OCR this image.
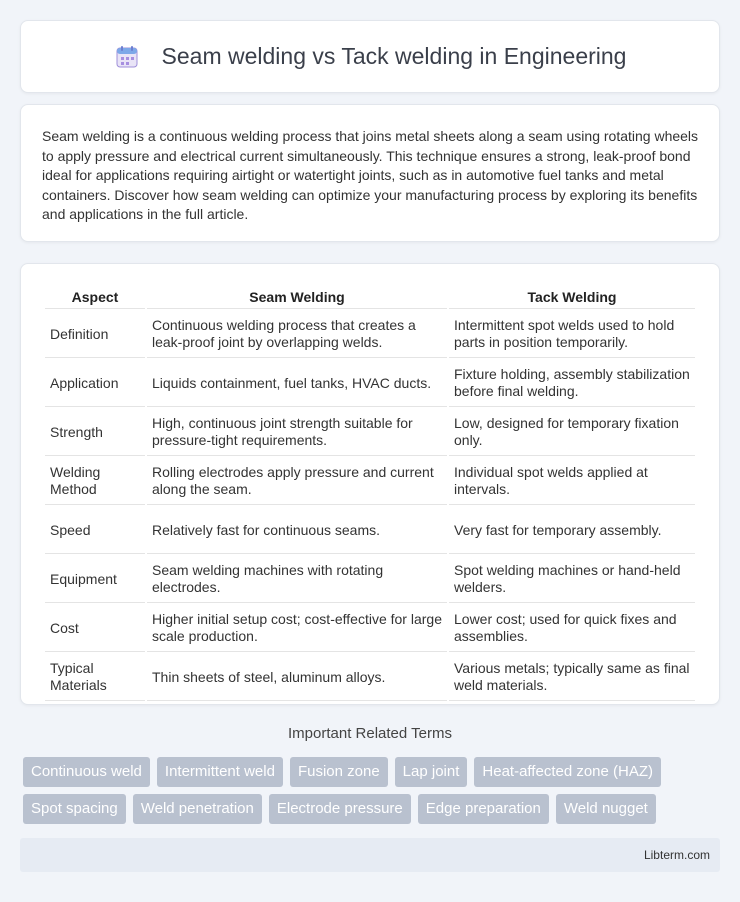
Seam welding vs Tack welding in Engineering

Seam welding is a continuous welding process that joins metal sheets along a seam using rotating wheels to apply pressure and electrical current simultaneously. This technique ensures a strong, leak-proof bond ideal for applications requiring airtight or watertight joints, such as in automotive fuel tanks and metal containers. Discover how seam welding can optimize your manufacturing process by exploring its benefits and applications in the full article.

Aspect	Seam Welding	Tack Welding
Definition	Continuous welding process that creates a leak-proof joint by overlapping welds.	Intermittent spot welds used to hold parts in position temporarily.
Application	Liquids containment, fuel tanks, HVAC ducts.	Fixture holding, assembly stabilization before final welding.
Strength	High, continuous joint strength suitable for pressure-tight requirements.	Low, designed for temporary fixation only.
Welding Method	Rolling electrodes apply pressure and current along the seam.	Individual spot welds applied at intervals.
Speed	Relatively fast for continuous seams.	Very fast for temporary assembly.
Equipment	Seam welding machines with rotating electrodes.	Spot welding machines or hand-held welders.
Cost	Higher initial setup cost; cost-effective for large scale production.	Lower cost; used for quick fixes and assemblies.
Typical Materials	Thin sheets of steel, aluminum alloys.	Various metals; typically same as final weld materials.
Important Related Terms
Continuous weld	Intermittent weld	Fusion zone	Lap joint	Heat-affected zone (HAZ)
Spot spacing	Weld penetration	Electrode pressure	Edge preparation	Weld nugget
Libterm.com
